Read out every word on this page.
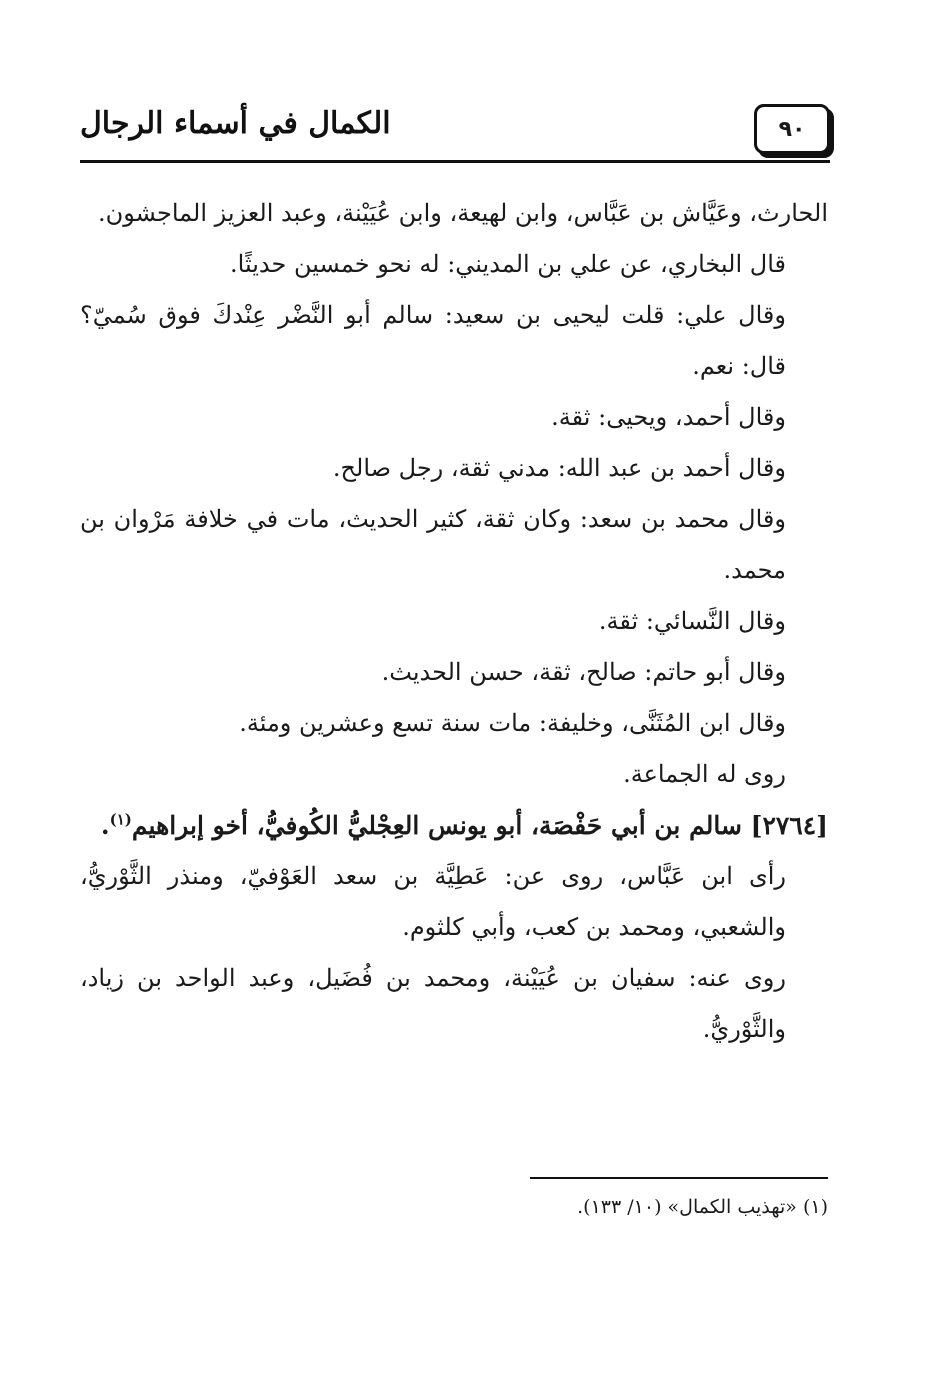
الكمال في أسماء الرجال	٩٠

الحارث، وعَيَّاش بن عَبَّاس، وابن لهيعة، وابن عُيَيْنة، وعبد العزيز الماجشون.

قال البخاري، عن علي بن المديني: له نحو خمسين حديثًا.

وقال علي: قلت ليحيى بن سعيد: سالم أبو النَّضْر عِنْدكَ فوق سُميّ؟ قال: نعم.

وقال أحمد، ويحيى: ثقة.

وقال أحمد بن عبد الله: مدني ثقة، رجل صالح.

وقال محمد بن سعد: وكان ثقة، كثير الحديث، مات في خلافة مَرْوان بن محمد.

وقال النَّسائي: ثقة.

وقال أبو حاتم: صالح، ثقة، حسن الحديث.

وقال ابن المُثَنَّى، وخليفة: مات سنة تسع وعشرين ومئة.

روى له الجماعة.

[٢٧٦٤] سالم بن أبي حَفْصَة، أبو يونس العِجْليُّ الكُوفيُّ، أخو إبراهيم$^{(١)}$.

رأى ابن عَبَّاس، روى عن: عَطِيَّة بن سعد العَوْفيّ، ومنذر الثَّوْريُّ، والشعبي، ومحمد بن كعب، وأبي كلثوم.

روى عنه: سفيان بن عُيَيْنة، ومحمد بن فُضَيل، وعبد الواحد بن زياد، والثَّوْريُّ.

(١) «تهذيب الكمال» (١٠/ ١٣٣).
